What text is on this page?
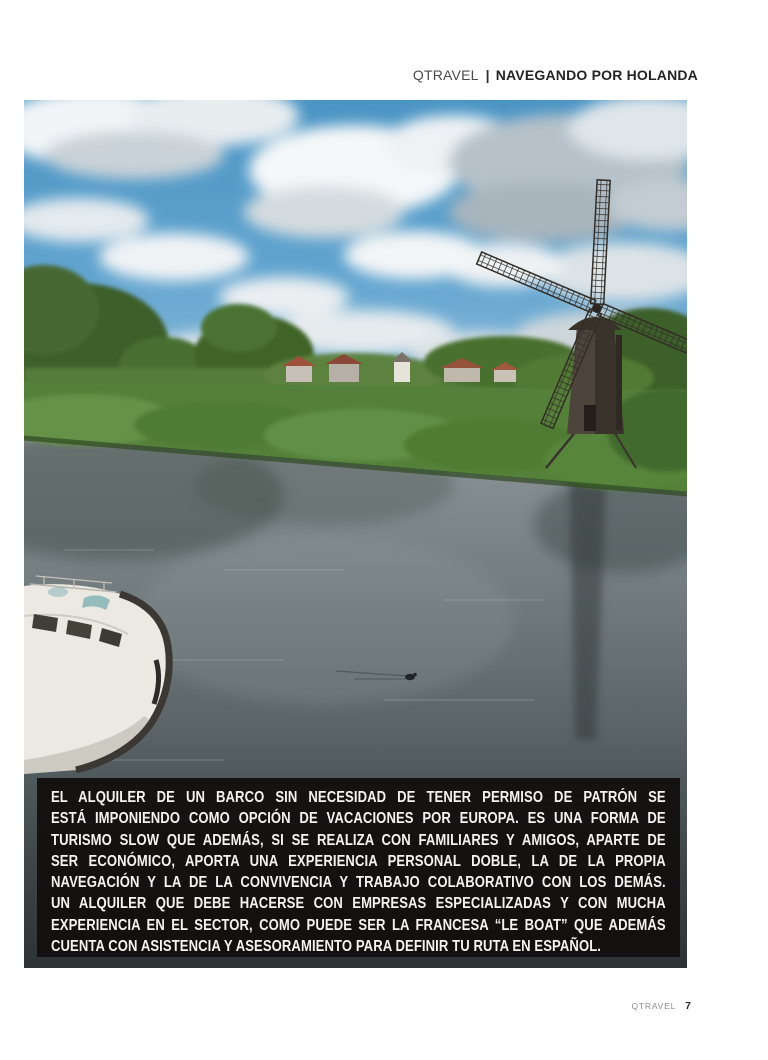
QTRAVEL | NAVEGANDO POR HOLANDA
EL ALQUILER DE UN BARCO SIN NECESIDAD DE TENER PERMISO DE PATRÓN SE
ESTÁ IMPONIENDO COMO OPCIÓN DE VACACIONES POR EUROPA. ES UNA FORMA DE
TURISMO SLOW QUE ADEMÁS, SI SE REALIZA CON FAMILIARES Y AMIGOS, APARTE DE
SER ECONÓMICO, APORTA UNA EXPERIENCIA PERSONAL DOBLE, LA DE LA PROPIA
NAVEGACIÓN Y LA DE LA CONVIVENCIA Y TRABAJO COLABORATIVO CON LOS DEMÁS.
UN ALQUILER QUE DEBE HACERSE CON EMPRESAS ESPECIALIZADAS Y CON MUCHA
EXPERIENCIA EN EL SECTOR, COMO PUEDE SER LA FRANCESA “LE BOAT” QUE ADEMÁS
CUENTA CON ASISTENCIA Y ASESORAMIENTO PARA DEFINIR TU RUTA EN ESPAÑOL.
QTRAVEL 7
